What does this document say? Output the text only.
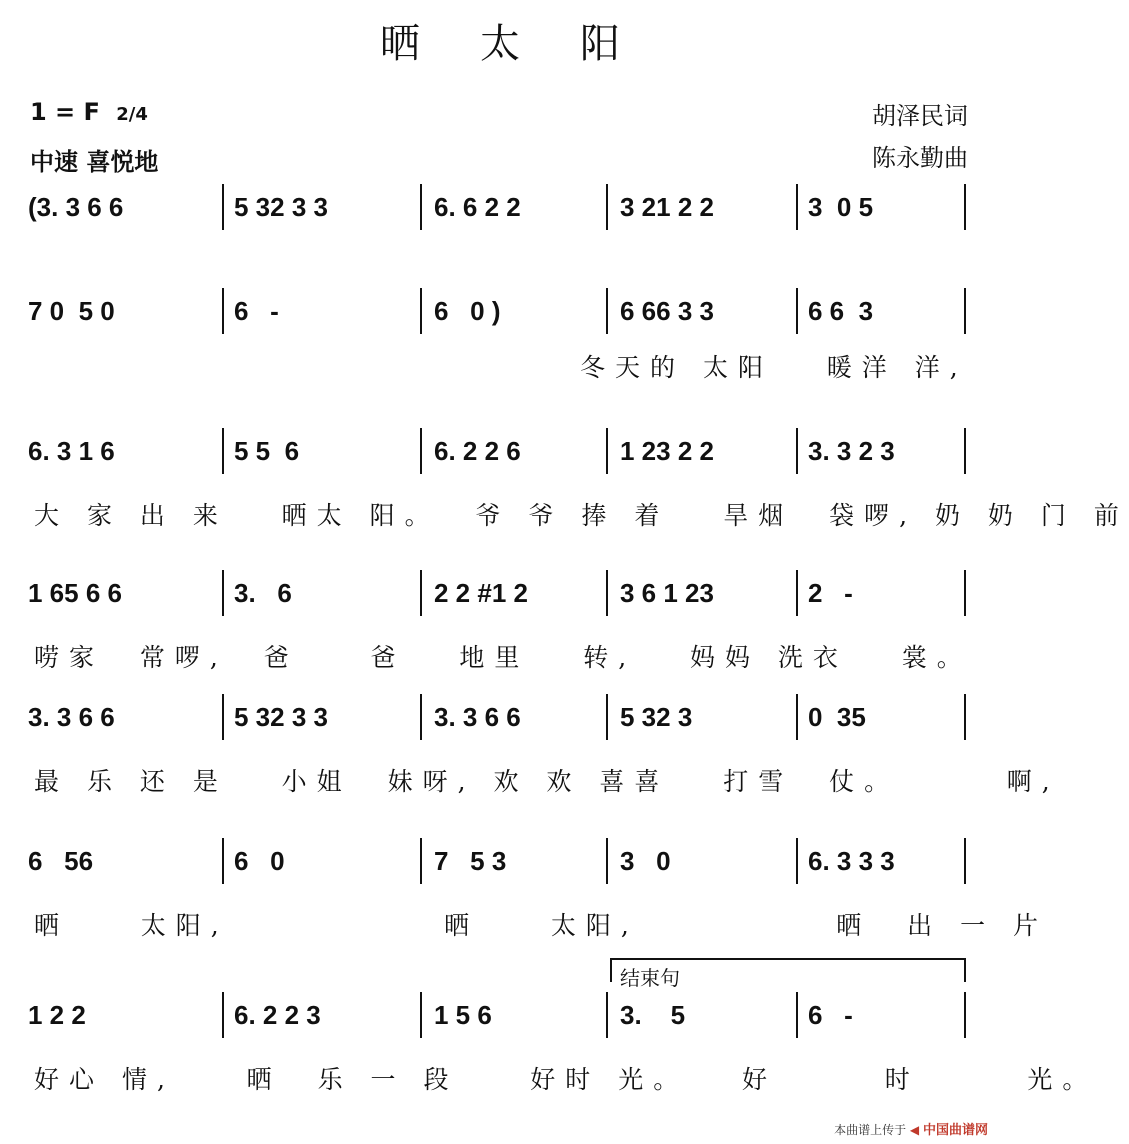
晒太阳
1 = F 2/4
中速 喜悦地
胡泽民词
陈永勤曲
(3. 3 6 6	5 32 3 3	6. 6 2 2	3 21 2 2	3  0 5
7 0  5 0	6   -	6   0 )	6 66 3 3	6 6  3
冬天的 太阳   暖洋 洋,
6. 3 1 6	5 5  6	6. 2 2 6	1 23 2 2	3. 3 2 3
大 家 出 来   晒太 阳。  爷 爷 捧 着   旱烟  袋啰, 奶 奶 门 前
1 65 6 6	3.   6	2 2 #1 2	3 6 1 23	2   -
唠家  常啰,  爸    爸   地里   转,   妈妈 洗衣   裳。
3. 3 6 6	5 32 3 3	3. 3 6 6	5 32 3	0  35
最 乐 还 是   小姐  妹呀, 欢 欢 喜喜   打雪  仗。      啊,
6   56	6   0	7   5 3	3   0	6. 3 3 3
晒    太阳,            晒    太阳,           晒  出 一 片
1 2 2	6. 2 2 3	1 5 6	3.    5	6   -
好心 情,    晒  乐 一 段    好时 光。   好      时      光。
结束句
本曲谱上传于 ◀ 中国曲谱网
